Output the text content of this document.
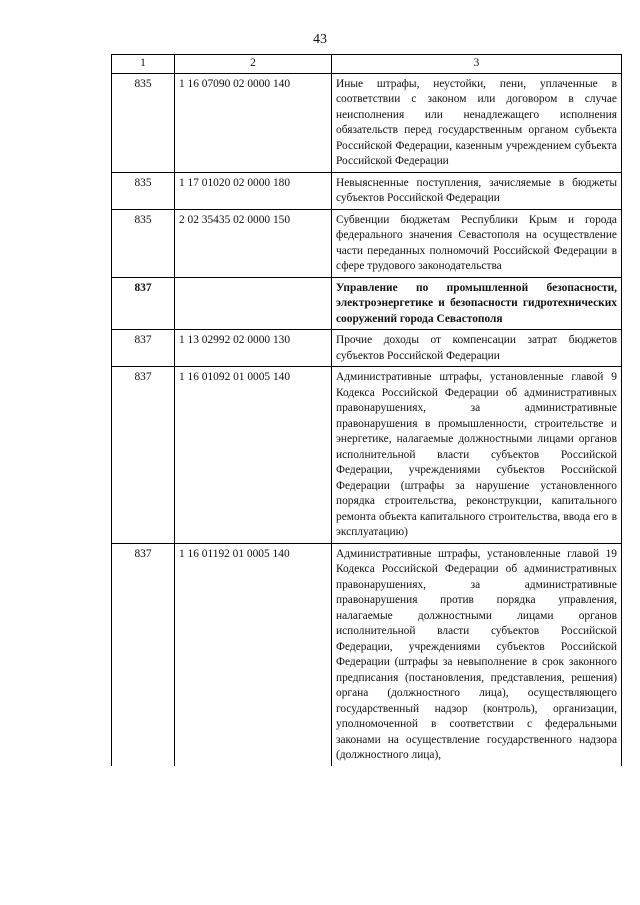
43
1	2	3
835	1 16 07090 02 0000 140	Иные штрафы, неустойки, пени, уплаченные в соответствии с законом или договором в случае неисполнения или ненадлежащего исполнения обязательств перед государственным органом субъекта Российской Федерации, казенным учреждением субъекта Российской Федерации
835	1 17 01020 02 0000 180	Невыясненные поступления, зачисляемые в бюджеты субъектов Российской Федерации
835	2 02 35435 02 0000 150	Субвенции бюджетам Республики Крым и города федерального значения Севастополя на осуществление части переданных полномочий Российской Федерации в сфере трудового законодательства
837		Управление по промышленной безопасности, электроэнергетике и безопасности гидротехнических сооружений города Севастополя
837	1 13 02992 02 0000 130	Прочие доходы от компенсации затрат бюджетов субъектов Российской Федерации
837	1 16 01092 01 0005 140	Административные штрафы, установленные главой 9 Кодекса Российской Федерации об административных правонарушениях, за административные правонарушения в промышленности, строительстве и энергетике, налагаемые должностными лицами органов исполнительной власти субъектов Российской Федерации, учреждениями субъектов Российской Федерации (штрафы за нарушение установленного порядка строительства, реконструкции, капитального ремонта объекта капитального строительства, ввода его в эксплуатацию)
837	1 16 01192 01 0005 140	Административные штрафы, установленные главой 19 Кодекса Российской Федерации об административных правонарушениях, за административные правонарушения против порядка управления, налагаемые должностными лицами органов исполнительной власти субъектов Российской Федерации, учреждениями субъектов Российской Федерации (штрафы за невыполнение в срок законного предписания (постановления, представления, решения) органа (должностного лица), осуществляющего государственный надзор (контроль), организации, уполномоченной в соответствии с федеральными законами на осуществление государственного надзора (должностного лица),
